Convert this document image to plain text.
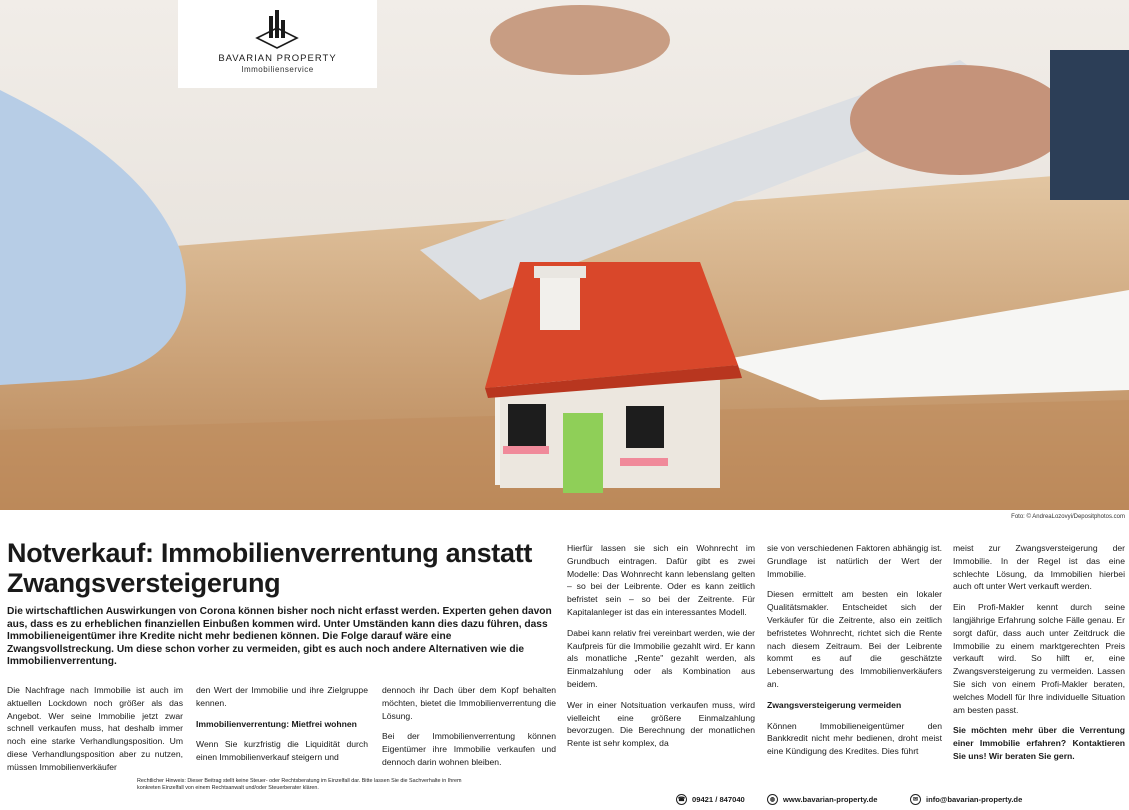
BAVARIAN PROPERTY
Immobilienservice
Foto: © AndreaLozovyi/Depositphotos.com
Notverkauf: Immobilienverrentung anstatt Zwangsversteigerung
Die wirtschaftlichen Auswirkungen von Corona können bisher noch nicht erfasst werden. Experten gehen davon aus, dass es zu erheblichen finanziellen Einbußen kommen wird. Unter Umständen kann dies dazu führen, dass Immobilieneigentümer ihre Kredite nicht mehr bedienen können. Die Folge darauf wäre eine Zwangsvollstreckung. Um diese schon vorher zu vermeiden, gibt es auch noch andere Alternativen wie die Immobilienverrentung.

Die Nachfrage nach Immobilie ist auch im aktuellen Lockdown noch größer als das Angebot. Wer seine Immobilie jetzt zwar schnell verkaufen muss, hat deshalb immer noch eine starke Verhandlungsposition. Um diese Verhandlungsposition aber zu nutzen, müssen Immobilienverkäufer

den Wert der Immobilie und ihre Zielgruppe kennen.

Immobilienverrentung: Mietfrei wohnen

Wenn Sie kurzfristig die Liquidität durch einen Immobilienverkauf steigern und

dennoch ihr Dach über dem Kopf behalten möchten, bietet die Immobilienverrentung die Lösung.

Bei der Immobilienverrentung können Eigentümer ihre Immobilie verkaufen und dennoch darin wohnen bleiben.

Hierfür lassen sie sich ein Wohnrecht im Grundbuch eintragen. Dafür gibt es zwei Modelle: Das Wohnrecht kann lebenslang gelten – so bei der Leibrente. Oder es kann zeitlich befristet sein – so bei der Zeitrente. Für Kapitalanleger ist das ein interessantes Modell.

Dabei kann relativ frei vereinbart werden, wie der Kaufpreis für die Immobilie gezahlt wird. Er kann als monatliche „Rente" gezahlt werden, als Einmalzahlung oder als Kombination aus beidem.

Wer in einer Notsituation verkaufen muss, wird vielleicht eine größere Einmalzahlung bevorzugen. Die Berechnung der monatlichen Rente ist sehr komplex, da

sie von verschiedenen Faktoren abhängig ist. Grundlage ist natürlich der Wert der Immobilie.

Diesen ermittelt am besten ein lokaler Qualitätsmakler. Entscheidet sich der Verkäufer für die Zeitrente, also ein zeitlich befristetes Wohnrecht, richtet sich die Rente nach diesem Zeitraum. Bei der Leibrente kommt es auf die geschätzte Lebenserwartung des Immobilienverkäufers an.

Zwangsversteigerung vermeiden

Können Immobilieneigentümer den Bankkredit nicht mehr bedienen, droht meist eine Kündigung des Kredites. Dies führt

meist zur Zwangsversteigerung der Immobilie. In der Regel ist das eine schlechte Lösung, da Immobilien hierbei auch oft unter Wert verkauft werden.

Ein Profi-Makler kennt durch seine langjährige Erfahrung solche Fälle genau. Er sorgt dafür, dass auch unter Zeitdruck die Immobilie zu einem marktgerechten Preis verkauft wird. So hilft er, eine Zwangsversteigerung zu vermeiden. Lassen Sie sich von einem Profi-Makler beraten, welches Modell für Ihre individuelle Situation am besten passt.

Sie möchten mehr über die Verrentung einer Immobilie erfahren? Kontaktieren Sie uns! Wir beraten Sie gern.

Rechtlicher Hinweis: Dieser Beitrag stellt keine Steuer- oder Rechtsberatung im Einzelfall dar. Bitte lassen Sie die Sachverhalte in Ihrem konkreten Einzelfall von einem Rechtsanwalt und/oder Steuerberater klären.
☎ 09421 / 847040	◍	www.bavarian-property.de	✉	info@bavarian-property.de
